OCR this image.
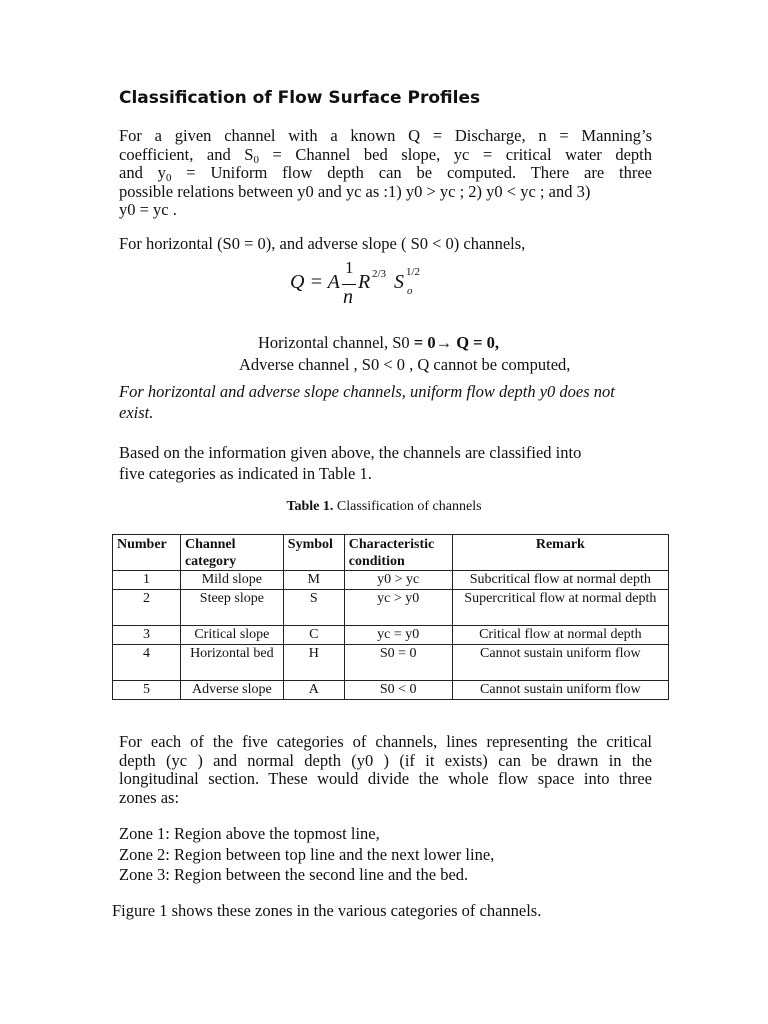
Classification of Flow Surface Profiles
For a given channel with a known Q = Discharge, n = Manning’s
coefficient, and $S_0$ = Channel bed slope, yc = critical water depth
and $y_0$ = Uniform flow depth can be computed. There are three
possible relations between y0 and yc as :1) y0 > yc ; 2) y0 < yc ; and 3)
y0 = yc .
For horizontal (S0 = 0), and adverse slope ( S0 < 0) channels,
Q = A
1
n
R 2/3 S 1/2
o
Horizontal channel, S0 = 0→ Q = 0,
Adverse channel , S0 < 0 , Q cannot be computed,
For horizontal and adverse slope channels, uniform flow depth y0 does not
exist.
Based on the information given above, the channels are classified into
five categories as indicated in Table 1.
Table 1. Classification of channels
Number	Channel category	Symbol	Characteristic condition	Remark
1	Mild slope	M	y0 > yc	Subcritical flow at normal depth
2	Steep slope	S	yc > y0	Supercritical flow at normal depth
3	Critical slope	C	yc = y0	Critical flow at normal depth
4	Horizontal bed	H	S0 = 0	Cannot sustain uniform flow
5	Adverse slope	A	S0 < 0	Cannot sustain uniform flow
For each of the five categories of channels, lines representing the critical
depth (yc ) and normal depth (y0 ) (if it exists) can be drawn in the
longitudinal section. These would divide the whole flow space into three
zones as:
Zone 1: Region above the topmost line,
Zone 2: Region between top line and the next lower line,
Zone 3: Region between the second line and the bed.
Figure 1 shows these zones in the various categories of channels.
